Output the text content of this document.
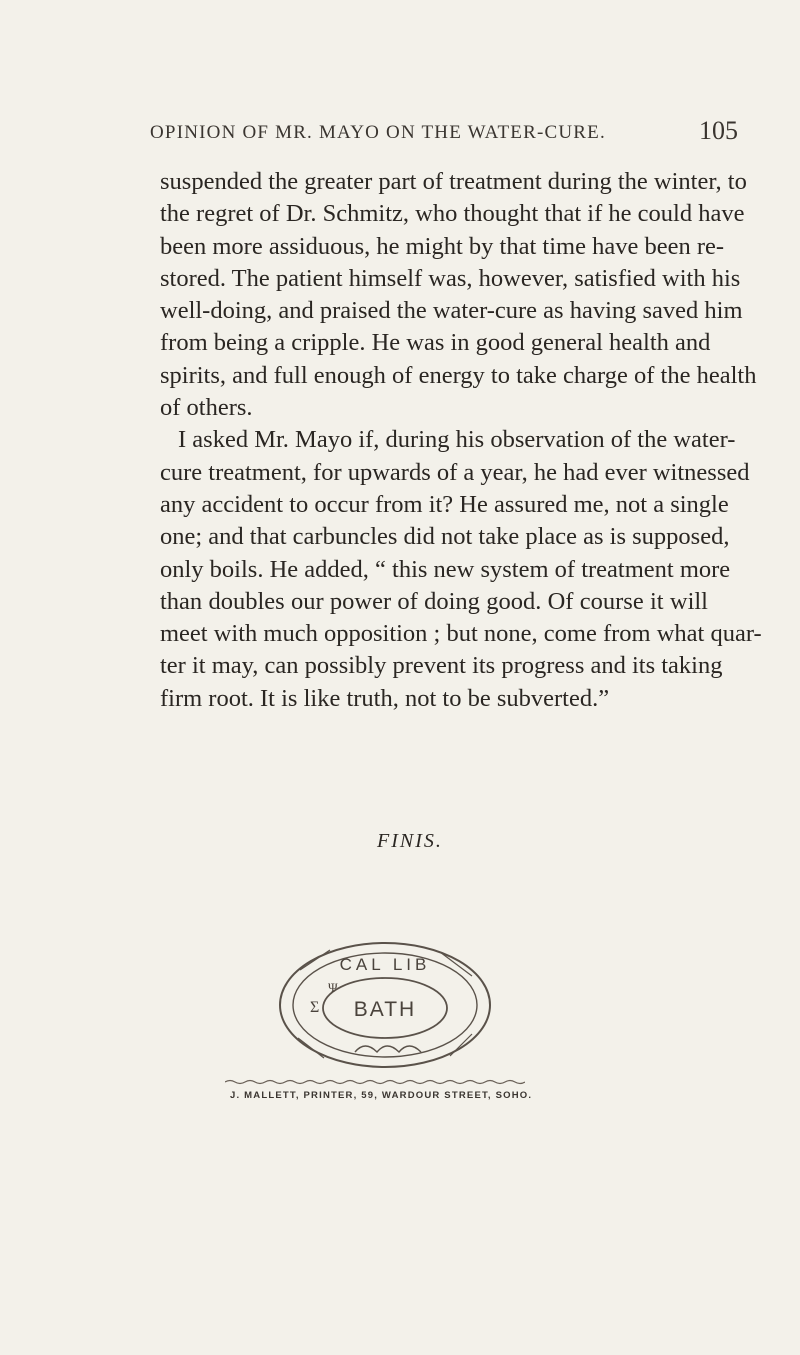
OPINION OF MR. MAYO ON THE WATER-CURE.	105
suspended the greater part of treatment during the winter, to
the regret of Dr. Schmitz, who thought that if he could have
been more assiduous, he might by that time have been re-
stored. The patient himself was, however, satisfied with his
well-doing, and praised the water-cure as having saved him
from being a cripple. He was in good general health and
spirits, and full enough of energy to take charge of the health
of others.
I asked Mr. Mayo if, during his observation of the water-
cure treatment, for upwards of a year, he had ever witnessed
any accident to occur from it? He assured me, not a single
one; and that carbuncles did not take place as is supposed,
only boils. He added, “ this new system of treatment more
than doubles our power of doing good. Of course it will
meet with much opposition ; but none, come from what quar-
ter it may, can possibly prevent its progress and its taking
firm root. It is like truth, not to be subverted.”
FINIS.
CAL LIB
BATH
Σ
Ψ
J. MALLETT, PRINTER, 59, WARDOUR STREET, SOHO.
